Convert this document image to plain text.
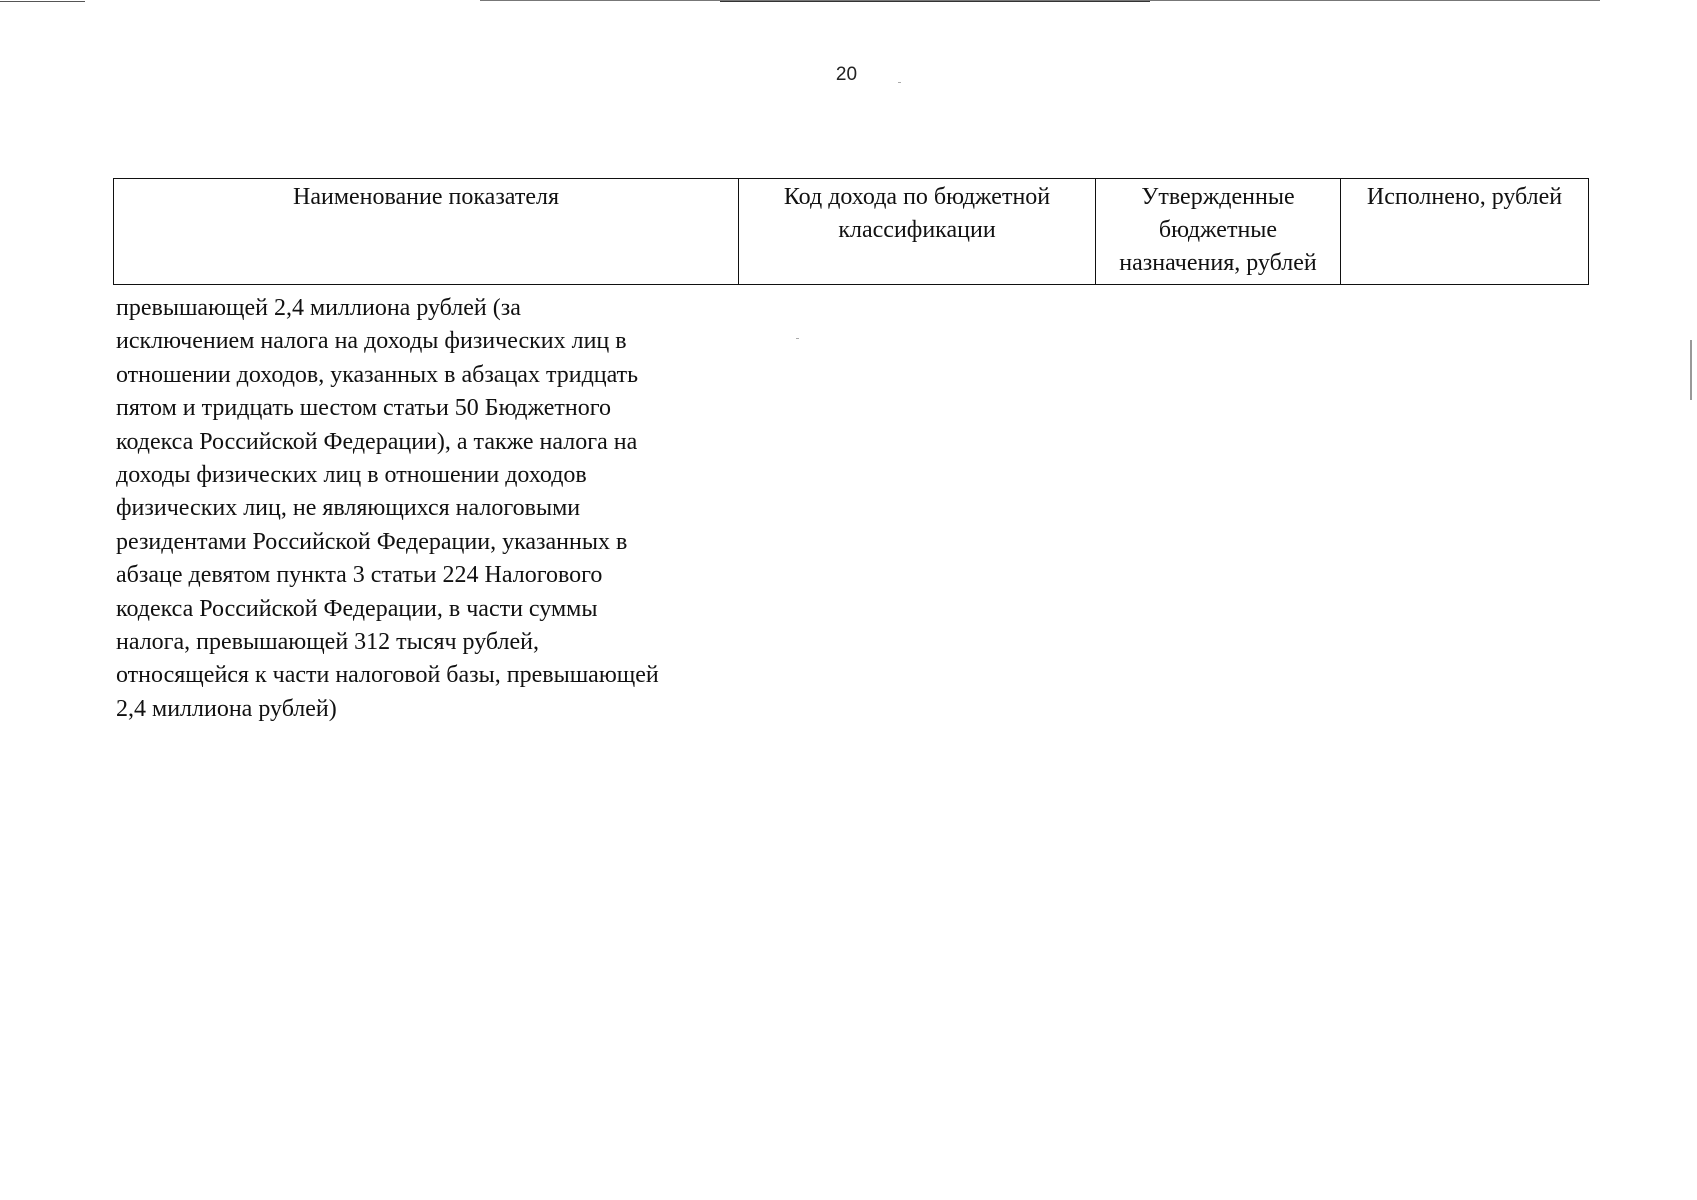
20
Наименование показателя	Код дохода по бюджетной классификации	Утвержденные бюджетные назначения, рублей	Исполнено, рублей
превышающей 2,4 миллиона рублей (за
исключением налога на доходы физических лиц в
отношении доходов, указанных в абзацах тридцать
пятом и тридцать шестом статьи 50 Бюджетного
кодекса Российской Федерации), а также налога на
доходы физических лиц в отношении доходов
физических лиц, не являющихся налоговыми
резидентами Российской Федерации, указанных в
абзаце девятом пункта 3 статьи 224 Налогового
кодекса Российской Федерации, в части суммы
налога, превышающей 312 тысяч рублей,
относящейся к части налоговой базы, превышающей
2,4 миллиона рублей)
